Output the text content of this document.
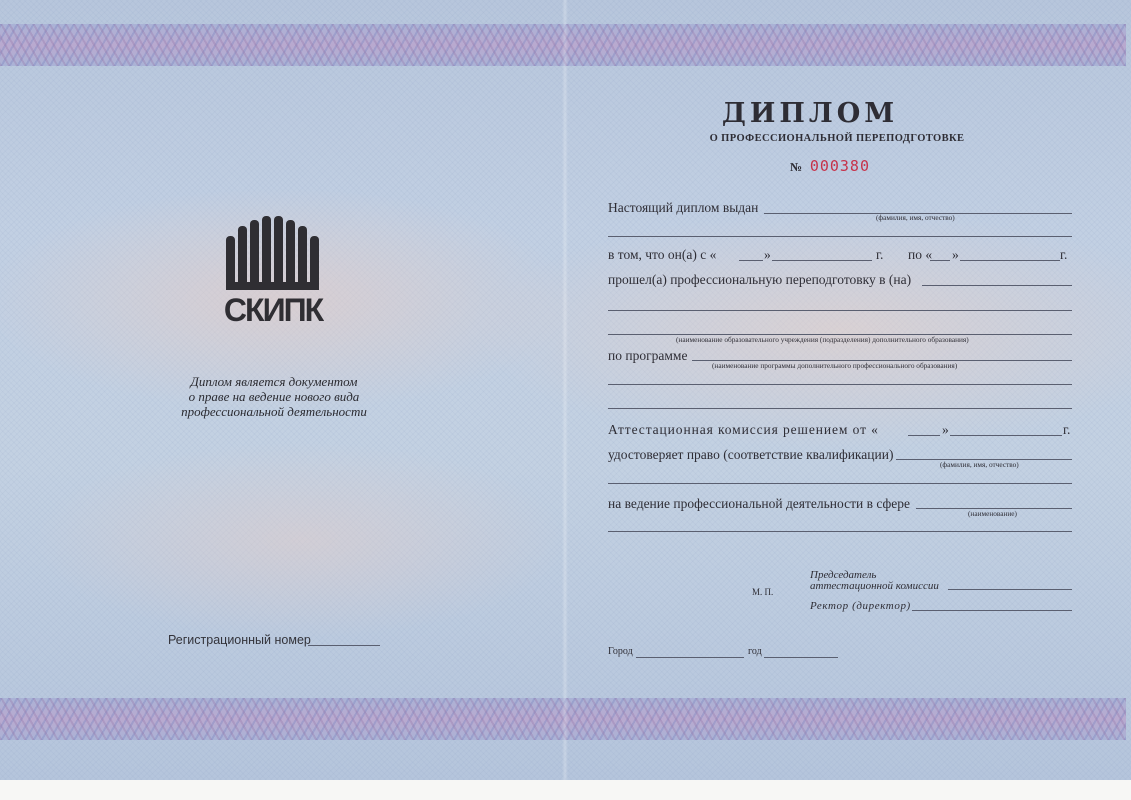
СКИПК
Диплом является документом
о праве на ведение нового вида
профессиональной деятельности
Регистрационный номер
ДИПЛОМ
О ПРОФЕССИОНАЛЬНОЙ ПЕРЕПОДГОТОВКЕ
№ 000380
Настоящий диплом выдан
(фамилия, имя, отчество)
в том, что он(а) с «	»	г. по « »	г.
прошел(а) профессиональную переподготовку в (на)
(наименование образовательного учреждения (подразделения) дополнительного образования)
по программе
(наименование программы дополнительного профессионального образования)
Аттестационная комиссия решением от «	»	г.
удостоверяет право (соответствие квалификации)
(фамилия, имя, отчество)
на ведение профессиональной деятельности в сфере
(наименование)
М. П.
Председатель
аттестационной комиссии
Ректор (директор)
Город	год
